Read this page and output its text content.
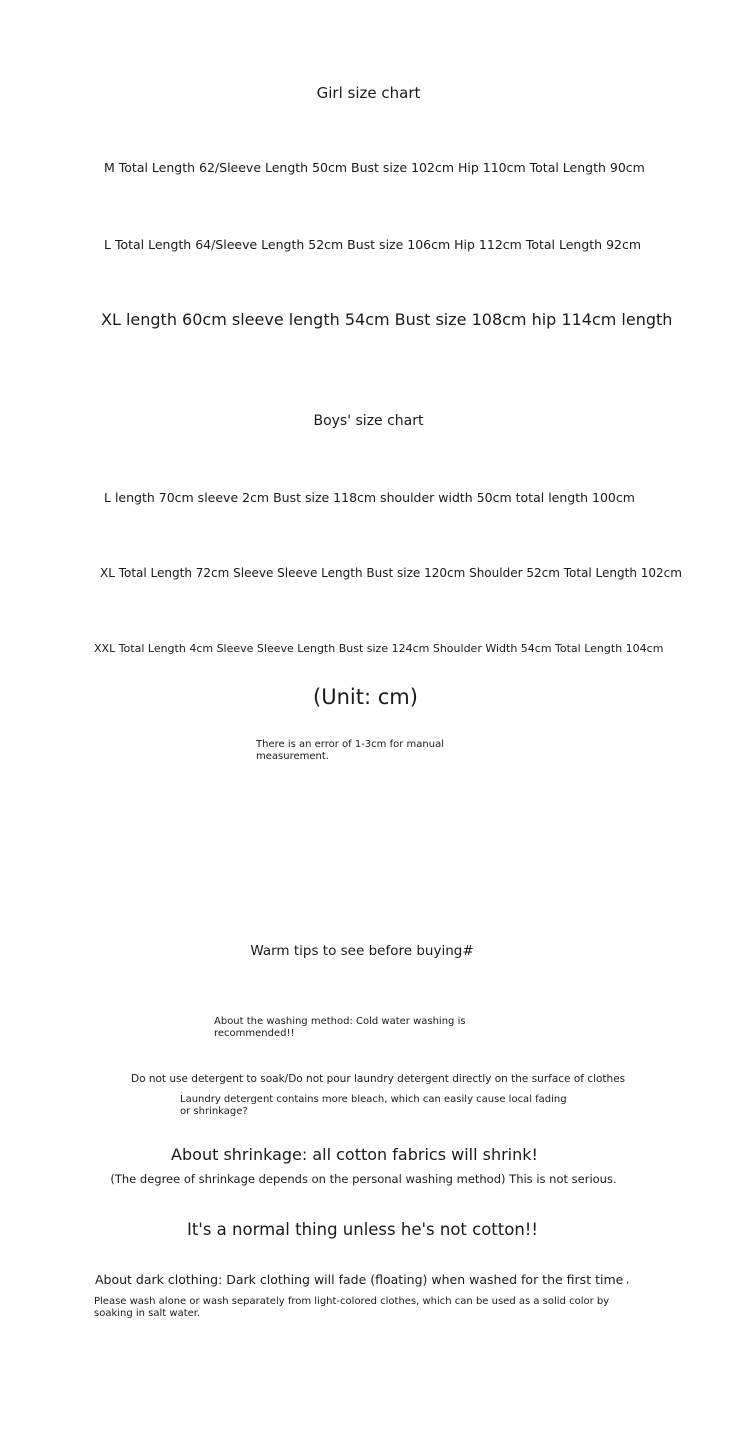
Girl size chart
M Total Length 62/Sleeve Length 50cm Bust size 102cm Hip 110cm Total Length 90cm
L Total Length 64/Sleeve Length 52cm Bust size 106cm Hip 112cm Total Length 92cm
XL length 60cm sleeve length 54cm Bust size 108cm hip 114cm length
Boys' size chart
L length 70cm sleeve 2cm Bust size 118cm shoulder width 50cm total length 100cm
XL Total Length 72cm Sleeve Sleeve Length Bust size 120cm Shoulder 52cm Total Length 102cm
XXL Total Length 4cm Sleeve Sleeve Length Bust size 124cm Shoulder Width 54cm Total Length 104cm
(Unit: cm)
There is an error of 1-3cm for manual measurement.
Warm tips to see before buying#
About the washing method: Cold water washing is recommended!!
Do not use detergent to soak/Do not pour laundry detergent directly on the surface of clothes
Laundry detergent contains more bleach, which can easily cause local fading or shrinkage?
About shrinkage: all cotton fabrics will shrink!
(The degree of shrinkage depends on the personal washing method) This is not serious.
It's a normal thing unless he's not cotton!!
About dark clothing: Dark clothing will fade (floating) when washed for the first time ,
Please wash alone or wash separately from light-colored clothes, which can be used as a solid color by soaking in salt water.
